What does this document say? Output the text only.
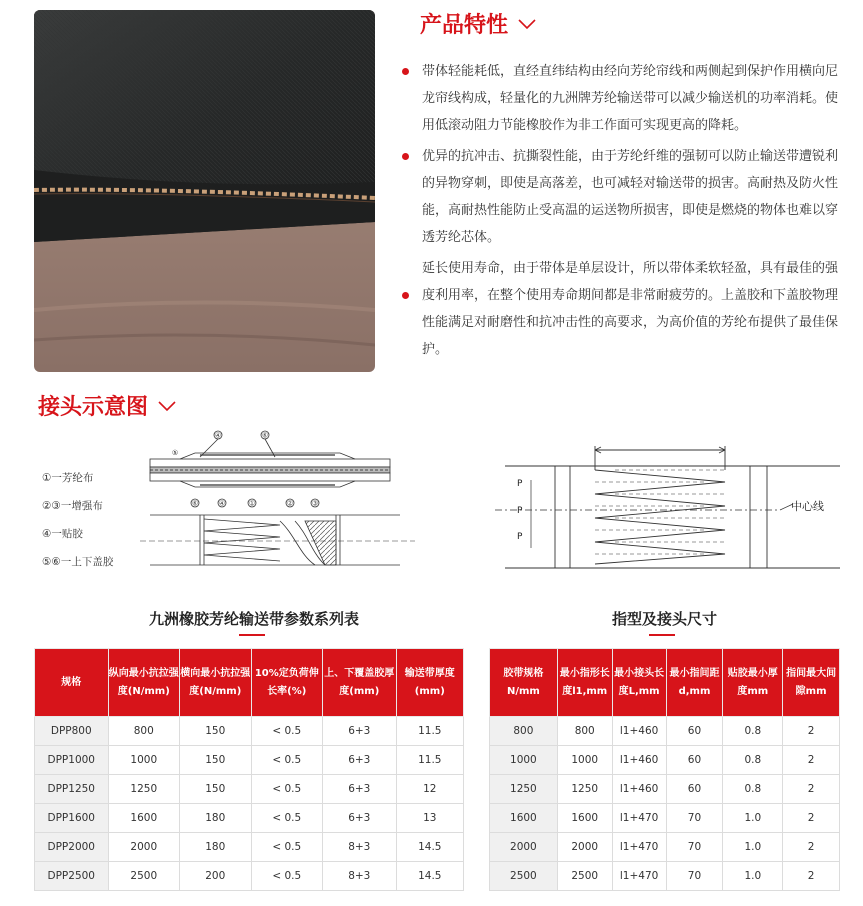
产品特性
带体轻能耗低，直经直纬结构由经向芳纶帘线和两侧起到保护作用横向尼龙帘线构成，轻量化的九洲牌芳纶输送带可以减少输送机的功率消耗。使用低滚动阻力节能橡胶作为非工作面可实现更高的降耗。
优异的抗冲击、抗撕裂性能，由于芳纶纤维的强韧可以防止输送带遭锐利的异物穿刺，即使是高落差，也可减轻对输送带的损害。高耐热及防火性能，高耐热性能防止受高温的运送物所损害，即使是燃烧的物体也难以穿透芳纶芯体。
延长使用寿命，由于带体是单层设计，所以带体柔软轻盈，具有最佳的强度利用率，在整个使用寿命期间都是非常耐疲劳的。上盖胶和下盖胶物理性能满足对耐磨性和抗冲击性的高要求，为高价值的芳纶布提供了最佳保护。
接头示意图
①一芳纶布
②③一增强布
④一贴胶
⑤⑥一上下盖胶
④	⑥
⑥	④	①	②	③
⑤
P
P
P
中心线
九洲橡胶芳纶输送带参数系列表
规格	纵向最小抗拉强度(N/mm)	横向最小抗拉强度(N/mm)	10%定负荷伸长率(%)	上、下覆盖胶厚度(mm)	输送带厚度(mm)
DPP800	800	150	< 0.5	6+3	11.5
DPP1000	1000	150	< 0.5	6+3	11.5
DPP1250	1250	150	< 0.5	6+3	12
DPP1600	1600	180	< 0.5	6+3	13
DPP2000	2000	180	< 0.5	8+3	14.5
DPP2500	2500	200	< 0.5	8+3	14.5
指型及接头尺寸
胶带规格N/mm	最小指形长度l1,mm	最小接头长度L,mm	最小指间距d,mm	贴胶最小厚度mm	指间最大间隙mm
800	800	l1+460	60	0.8	2
1000	1000	l1+460	60	0.8	2
1250	1250	l1+460	60	0.8	2
1600	1600	l1+470	70	1.0	2
2000	2000	l1+470	70	1.0	2
2500	2500	l1+470	70	1.0	2
